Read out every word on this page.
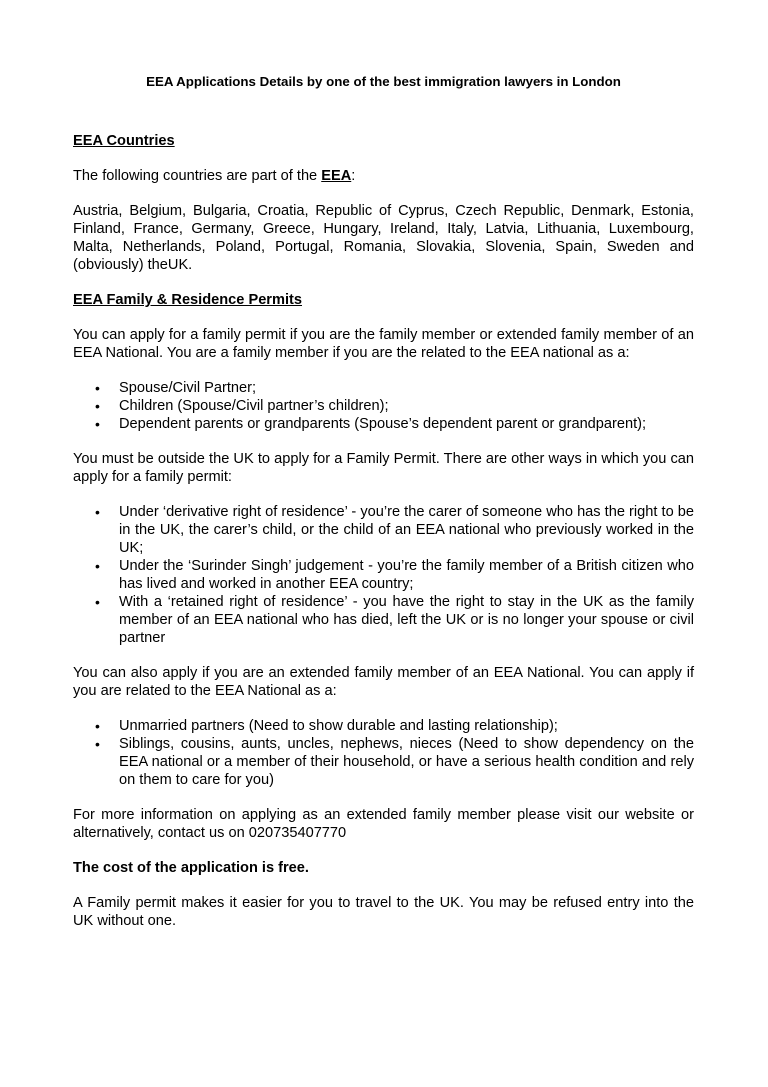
EEA Applications Details by one of the best immigration lawyers in London
EEA Countries

The following countries are part of the EEA:

Austria, Belgium, Bulgaria, Croatia, Republic of Cyprus, Czech Republic, Denmark, Estonia, Finland, France, Germany, Greece, Hungary, Ireland, Italy, Latvia, Lithuania, Luxembourg, Malta, Netherlands, Poland, Portugal, Romania, Slovakia, Slovenia, Spain, Sweden and (obviously) theUK.

EEA Family & Residence Permits

You can apply for a family permit if you are the family member or extended family member of an EEA National. You are a family member if you are the related to the EEA national as a:

• Spouse/Civil Partner;
• Children (Spouse/Civil partner’s children);
• Dependent parents or grandparents (Spouse’s dependent parent or grandparent);

You must be outside the UK to apply for a Family Permit. There are other ways in which you can apply for a family permit:

• Under ‘derivative right of residence’ - you’re the carer of someone who has the right to be in the UK, the carer’s child, or the child of an EEA national who previously worked in the UK;
• Under the ‘Surinder Singh’ judgement - you’re the family member of a British citizen who has lived and worked in another EEA country;
• With a ‘retained right of residence’ - you have the right to stay in the UK as the family member of an EEA national who has died, left the UK or is no longer your spouse or civil partner

You can also apply if you are an extended family member of an EEA National. You can apply if you are related to the EEA National as a:

• Unmarried partners (Need to show durable and lasting relationship);
• Siblings, cousins, aunts, uncles, nephews, nieces (Need to show dependency on the EEA national or a member of their household, or have a serious health condition and rely on them to care for you)

For more information on applying as an extended family member please visit our website or alternatively, contact us on 020735407770

The cost of the application is free.

A Family permit makes it easier for you to travel to the UK. You may be refused entry into the UK without one.
